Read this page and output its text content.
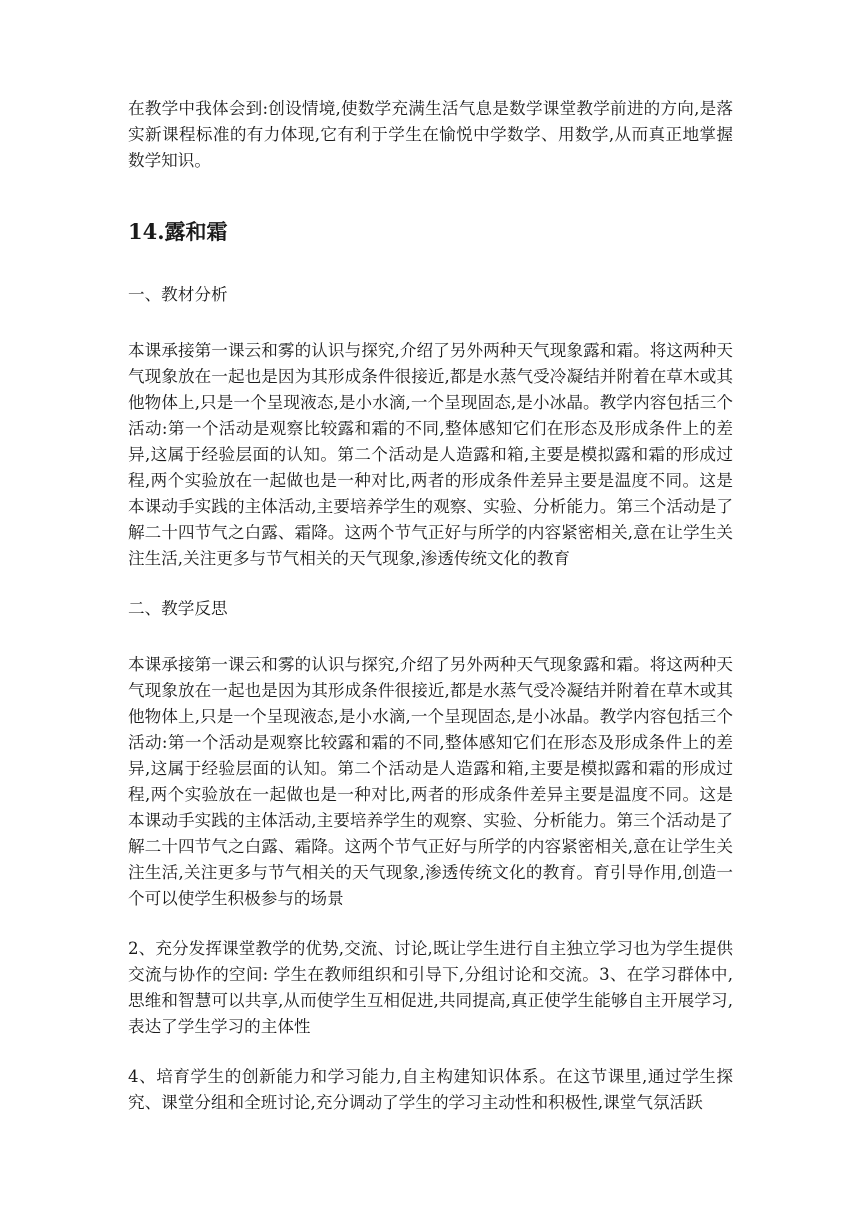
在教学中我体会到:创设情境,使数学充满生活气息是数学课堂教学前进的方向,是落实新课程标准的有力体现,它有利于学生在愉悦中学数学、用数学,从而真正地掌握数学知识。

14.露和霜

一、教材分析

本课承接第一课云和雾的认识与探究,介绍了另外两种天气现象露和霜。将这两种天气现象放在一起也是因为其形成条件很接近,都是水蒸气受冷凝结并附着在草木或其他物体上,只是一个呈现液态,是小水滴,一个呈现固态,是小冰晶。教学内容包括三个活动:第一个活动是观察比较露和霜的不同,整体感知它们在形态及形成条件上的差异,这属于经验层面的认知。第二个活动是人造露和箱,主要是模拟露和霜的形成过程,两个实验放在一起做也是一种对比,两者的形成条件差异主要是温度不同。这是本课动手实践的主体活动,主要培养学生的观察、实验、分析能力。第三个活动是了解二十四节气之白露、霜降。这两个节气正好与所学的内容紧密相关,意在让学生关注生活,关注更多与节气相关的天气现象,渗透传统文化的教育

二、教学反思

本课承接第一课云和雾的认识与探究,介绍了另外两种天气现象露和霜。将这两种天气现象放在一起也是因为其形成条件很接近,都是水蒸气受冷凝结并附着在草木或其他物体上,只是一个呈现液态,是小水滴,一个呈现固态,是小冰晶。教学内容包括三个活动:第一个活动是观察比较露和霜的不同,整体感知它们在形态及形成条件上的差异,这属于经验层面的认知。第二个活动是人造露和箱,主要是模拟露和霜的形成过程,两个实验放在一起做也是一种对比,两者的形成条件差异主要是温度不同。这是本课动手实践的主体活动,主要培养学生的观察、实验、分析能力。第三个活动是了解二十四节气之白露、霜降。这两个节气正好与所学的内容紧密相关,意在让学生关注生活,关注更多与节气相关的天气现象,渗透传统文化的教育。育引导作用,创造一个可以使学生积极参与的场景

2、充分发挥课堂教学的优势,交流、讨论,既让学生进行自主独立学习也为学生提供交流与协作的空间: 学生在教师组织和引导下,分组讨论和交流。3、在学习群体中,思维和智慧可以共享,从而使学生互相促进,共同提高,真正使学生能够自主开展学习,表达了学生学习的主体性

4、培育学生的创新能力和学习能力,自主构建知识体系。在这节课里,通过学生探究、课堂分组和全班讨论,充分调动了学生的学习主动性和积极性,课堂气氛活跃
